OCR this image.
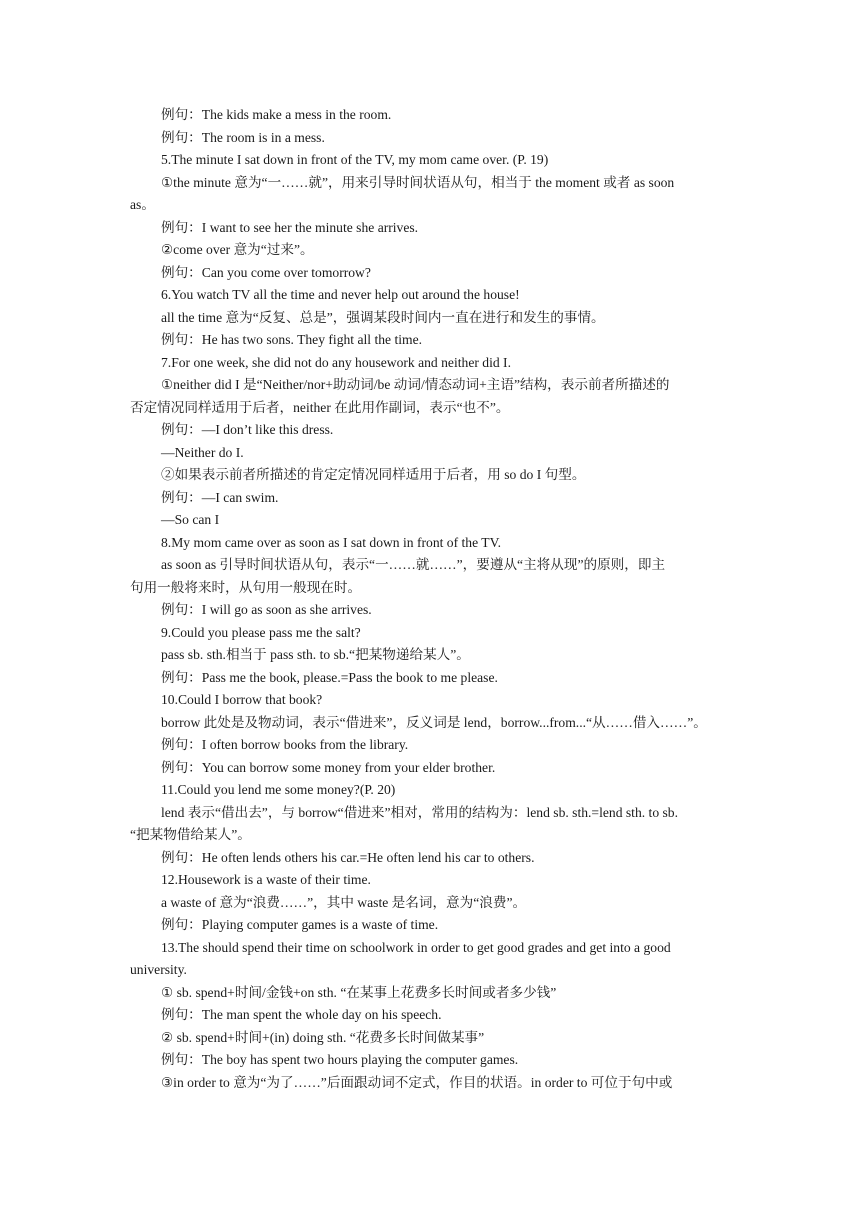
例句：The kids make a mess in the room.
例句：The room is in a mess.
5.The minute I sat down in front of the TV, my mom came over. (P. 19)
①the minute 意为“一……就”，用来引导时间状语从句，相当于 the moment 或者 as soon
as。
例句：I want to see her the minute she arrives.
②come over 意为“过来”。
例句：Can you come over tomorrow?
6.You watch TV all the time and never help out around the house!
all the time 意为“反复、总是”，强调某段时间内一直在进行和发生的事情。
例句：He has two sons. They fight all the time.
7.For one week, she did not do any housework and neither did I.
①neither did I 是“Neither/nor+助动词/be 动词/情态动词+主语”结构，表示前者所描述的
否定情况同样适用于后者，neither 在此用作副词，表示“也不”。
例句：—I don’t like this dress.
—Neither do I.
②如果表示前者所描述的肯定定情况同样适用于后者，用 so do I 句型。
例句：—I can swim.
—So can I
8.My mom came over as soon as I sat down in front of the TV.
as soon as 引导时间状语从句，表示“一……就……”，要遵从“主将从现”的原则，即主
句用一般将来时，从句用一般现在时。
例句：I will go as soon as she arrives.
9.Could you please pass me the salt?
pass sb. sth.相当于 pass sth. to sb.“把某物递给某人”。
例句：Pass me the book, please.=Pass the book to me please.
10.Could I borrow that book?
borrow 此处是及物动词，表示“借进来”，反义词是 lend，borrow...from...“从……借入……”。
例句：I often borrow books from the library.
例句：You can borrow some money from your elder brother.
11.Could you lend me some money?(P. 20)
lend 表示“借出去”，与 borrow“借进来”相对，常用的结构为：lend sb. sth.=lend sth. to sb.
“把某物借给某人”。
例句：He often lends others his car.=He often lend his car to others.
12.Housework is a waste of their time.
a waste of 意为“浪费……”，其中 waste 是名词，意为“浪费”。
例句：Playing computer games is a waste of time.
13.The should spend their time on schoolwork in order to get good grades and get into a good
university.
① sb. spend+时间/金钱+on sth. “在某事上花费多长时间或者多少钱”
例句：The man spent the whole day on his speech.
② sb. spend+时间+(in) doing sth. “花费多长时间做某事”
例句：The boy has spent two hours playing the computer games.
③in order to 意为“为了……”后面跟动词不定式，作目的状语。in order to 可位于句中或
